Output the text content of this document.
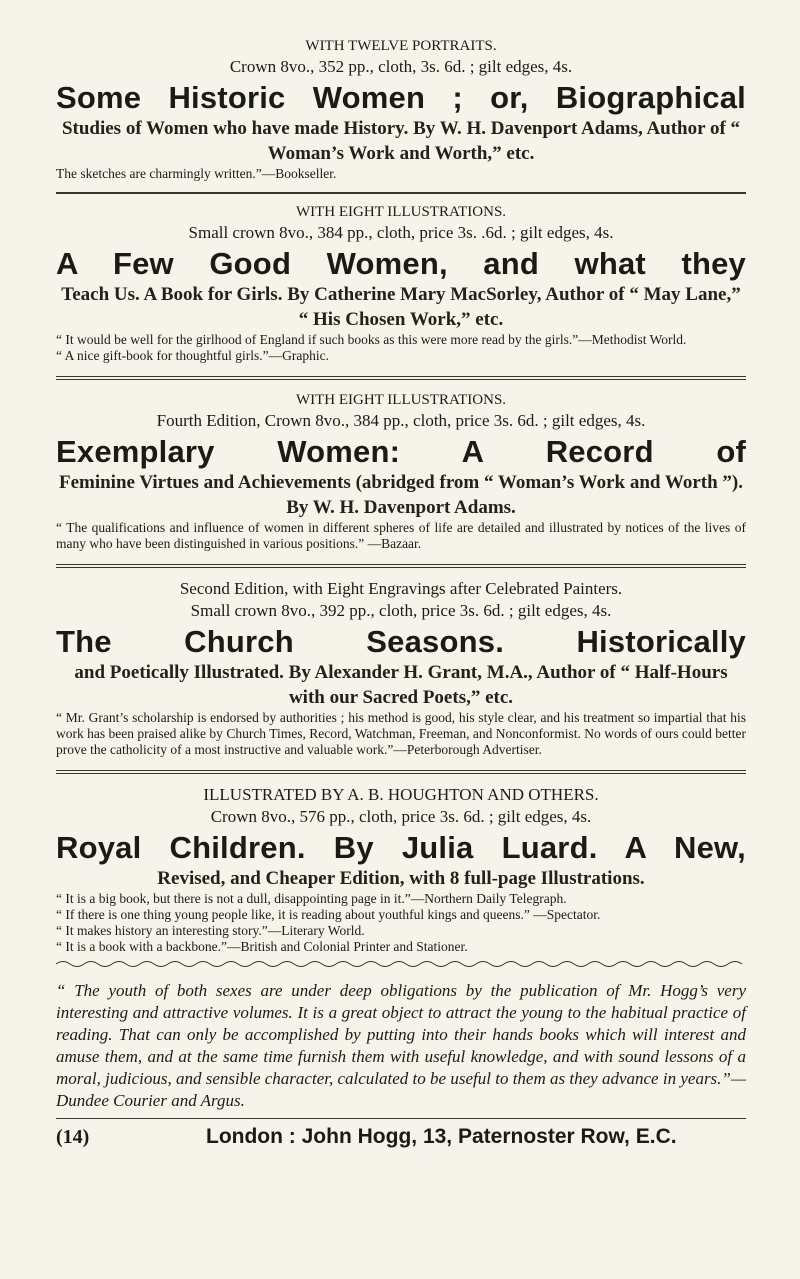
WITH TWELVE PORTRAITS.
Crown 8vo., 352 pp., cloth, 3s. 6d. ; gilt edges, 4s.
Some Historic Women ; or, Biographical
Studies of Women who have made History. By W. H. Davenport Adams, Author of “ Woman’s Work and Worth,” etc.
The sketches are charmingly written.”—Bookseller.
WITH EIGHT ILLUSTRATIONS.
Small crown 8vo., 384 pp., cloth, price 3s. .6d. ; gilt edges, 4s.
A Few Good Women, and what they
Teach Us. A Book for Girls. By Catherine Mary MacSorley, Author of “ May Lane,” “ His Chosen Work,” etc.
“ It would be well for the girlhood of England if such books as this were more read by the girls.”—Methodist World.
“ A nice gift-book for thoughtful girls.”—Graphic.
WITH EIGHT ILLUSTRATIONS.
Fourth Edition, Crown 8vo., 384 pp., cloth, price 3s. 6d. ; gilt edges, 4s.
Exemplary Women: A Record of
Feminine Virtues and Achievements (abridged from “ Woman’s Work and Worth ”). By W. H. Davenport Adams.
“ The qualifications and influence of women in different spheres of life are detailed and illustrated by notices of the lives of many who have been distinguished in various positions.” —Bazaar.
Second Edition, with Eight Engravings after Celebrated Painters.
Small crown 8vo., 392 pp., cloth, price 3s. 6d. ; gilt edges, 4s.
The Church Seasons. Historically
and Poetically Illustrated. By Alexander H. Grant, M.A., Author of “ Half-Hours with our Sacred Poets,” etc.
“ Mr. Grant’s scholarship is endorsed by authorities ; his method is good, his style clear, and his treatment so impartial that his work has been praised alike by Church Times, Record, Watchman, Freeman, and Nonconformist. No words of ours could better prove the catholicity of a most instructive and valuable work.”—Peterborough Advertiser.
ILLUSTRATED BY A. B. HOUGHTON AND OTHERS.
Crown 8vo., 576 pp., cloth, price 3s. 6d. ; gilt edges, 4s.
Royal Children. By Julia Luard. A New,
Revised, and Cheaper Edition, with 8 full-page Illustrations.
“ It is a big book, but there is not a dull, disappointing page in it.”—Northern Daily Telegraph.
“ If there is one thing young people like, it is reading about youthful kings and queens.” —Spectator.
“ It makes history an interesting story.”—Literary World.
“ It is a book with a backbone.”—British and Colonial Printer and Stationer.
“ The youth of both sexes are under deep obligations by the publication of Mr. Hogg’s very interesting and attractive volumes. It is a great object to attract the young to the habitual practice of reading. That can only be accomplished by putting into their hands books which will interest and amuse them, and at the same time furnish them with useful knowledge, and with sound lessons of a moral, judicious, and sensible character, calculated to be useful to them as they advance in years.”—Dundee Courier and Argus.
(14)	London : John Hogg, 13, Paternoster Row, E.C.
